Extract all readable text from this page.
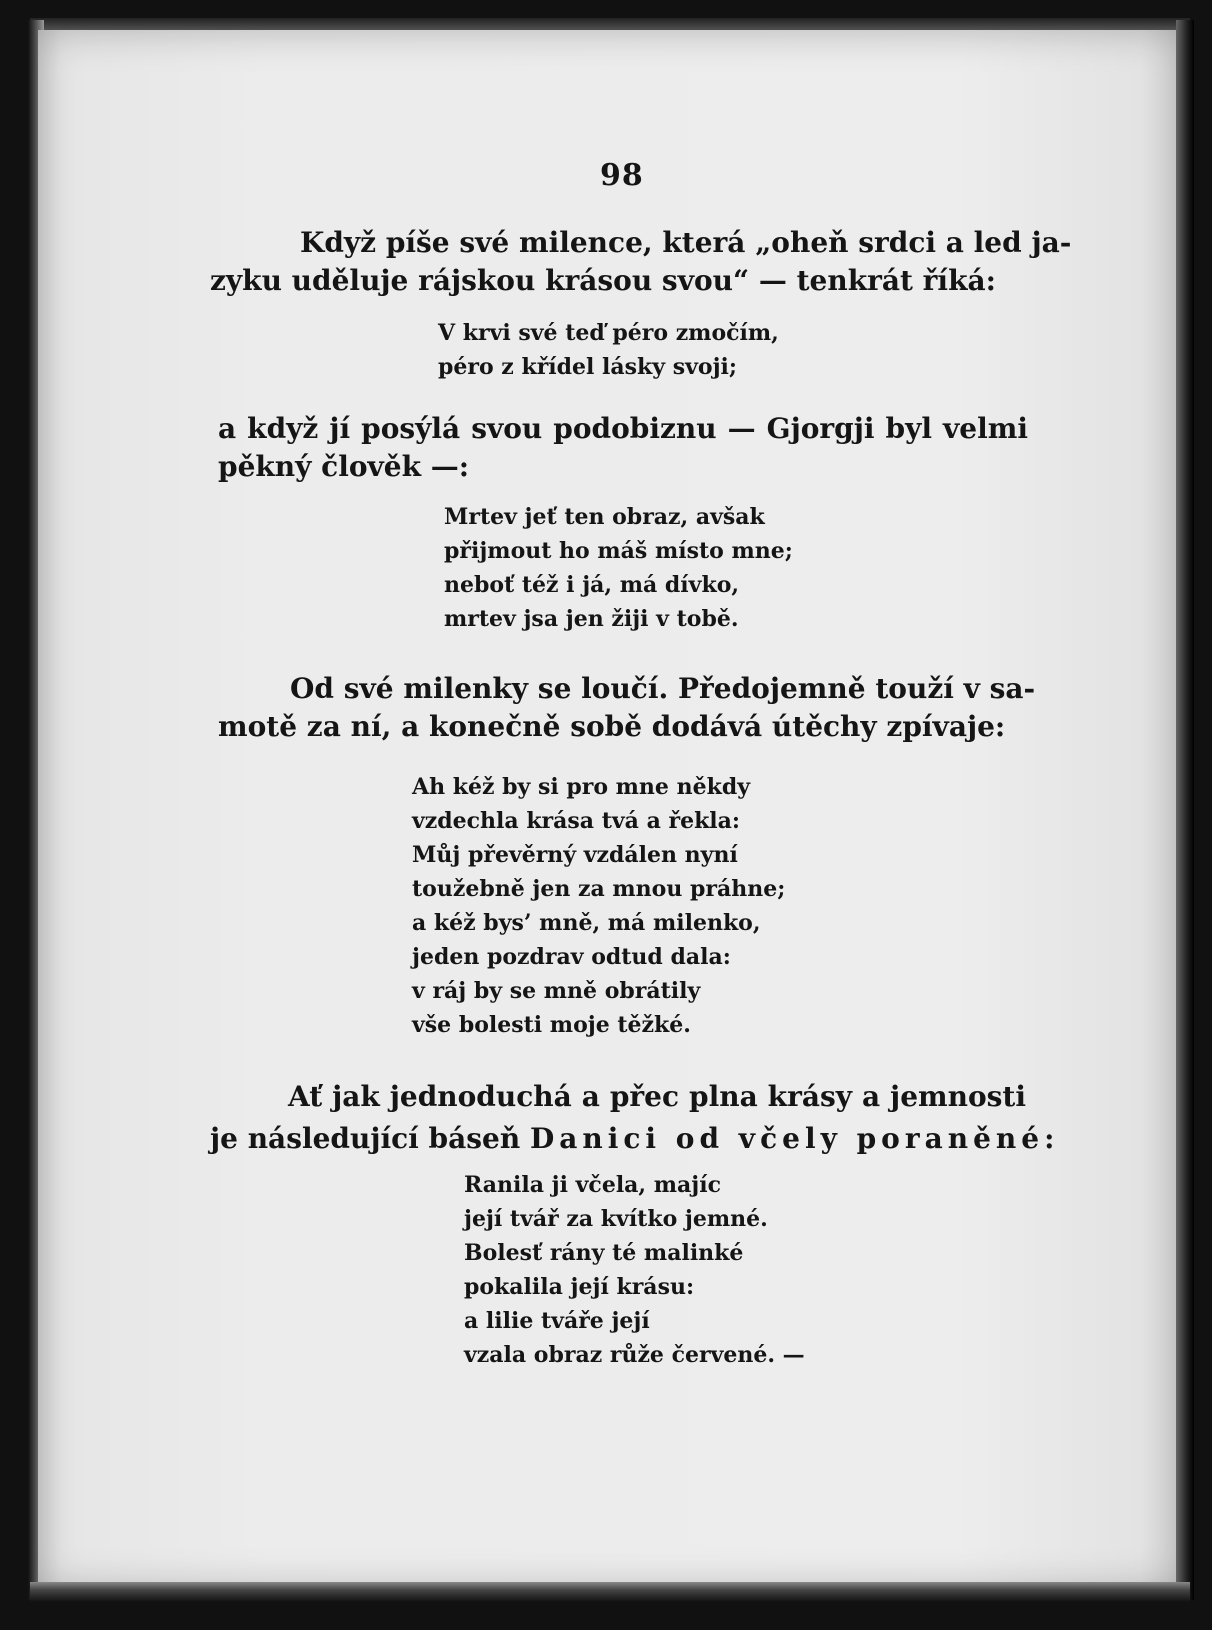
98
Když píše své milence, která „oheň srdci a led ja-
zyku uděluje rájskou krásou svou“ — tenkrát říká:
V krvi své teď péro zmočím,
péro z křídel lásky svoji;
a když jí posýlá svou podobiznu — Gjorgji byl velmi
pěkný člověk —:
Mrtev jeť ten obraz, avšak
přijmout ho máš místo mne;
neboť též i já, má dívko,
mrtev jsa jen žiji v tobě.
Od své milenky se loučí. Předojemně touží v sa-
motě za ní, a konečně sobě dodává útěchy zpívaje:
Ah kéž by si pro mne někdy
vzdechla krása tvá a řekla:
Můj převěrný vzdálen nyní
toužebně jen za mnou práhne;
a kéž bys’ mně, má milenko,
jeden pozdrav odtud dala:
v ráj by se mně obrátily
vše bolesti moje těžké.
Ať jak jednoduchá a přec plna krásy a jemnosti
je následující báseň Danici od včely poraněné:
Ranila ji včela, majíc
její tvář za kvítko jemné.
Bolesť rány té malinké
pokalila její krásu:
a lilie tváře její
vzala obraz růže červené. —
